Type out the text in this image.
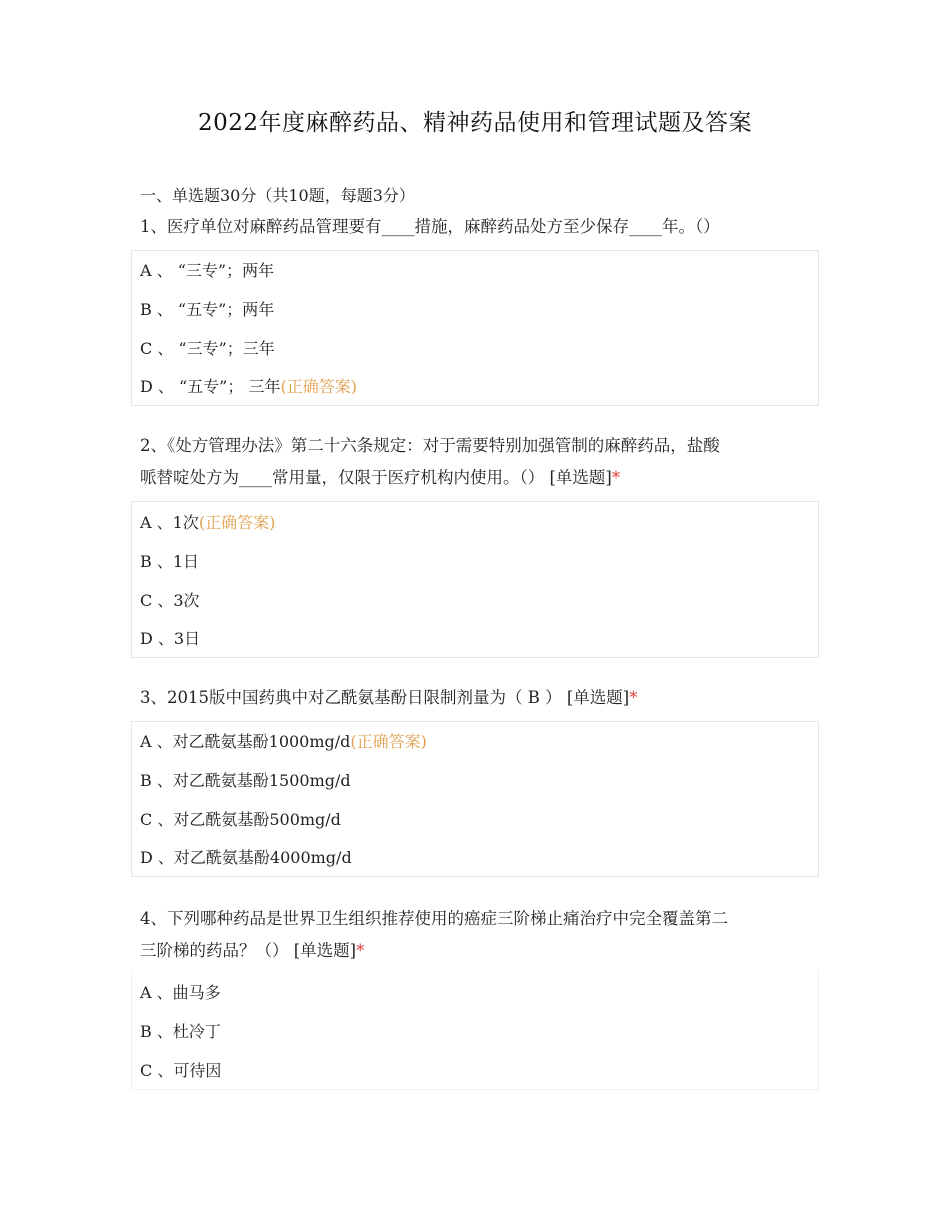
2022年度麻醉药品、精神药品使用和管理试题及答案
一、单选题30分（共10题，每题3分）
1、医疗单位对麻醉药品管理要有____措施，麻醉药品处方至少保存____年。（）
A 、 “三专”；两年
B 、 “五专”；两年
C 、 “三专”；三年
D 、 “五专”； 三年(正确答案)
2、《处方管理办法》第二十六条规定：对于需要特别加强管制的麻醉药品，盐酸
哌替啶处方为____常用量，仅限于医疗机构内使用。（） [单选题]*
A 、1次(正确答案)
B 、1日
C 、3次
D 、3日
3、2015版中国药典中对乙酰氨基酚日限制剂量为（ B ） [单选题]*
A 、对乙酰氨基酚1000mg/d(正确答案)
B 、对乙酰氨基酚1500mg/d
C 、对乙酰氨基酚500mg/d
D 、对乙酰氨基酚4000mg/d
4、下列哪种药品是世界卫生组织推荐使用的癌症三阶梯止痛治疗中完全覆盖第二
三阶梯的药品？（） [单选题]*
A 、曲马多
B 、杜冷丁
C 、可待因
